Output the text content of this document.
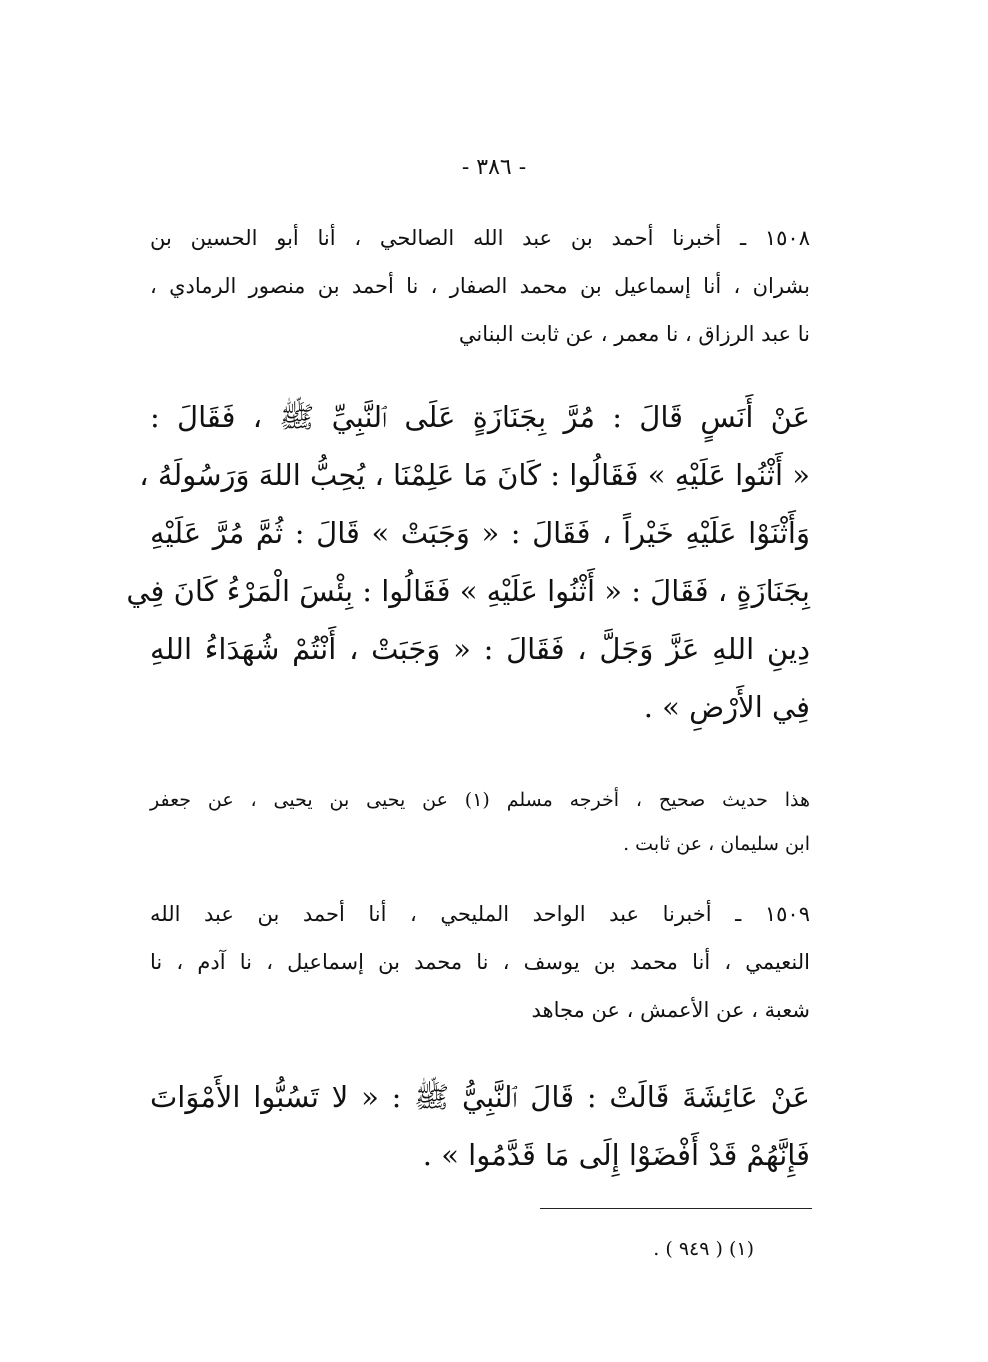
- ٣٨٦ -
١٥٠٨ ـ أخبرنا أحمد بن عبد الله الصالحي ، أنا أبو الحسين بن
بشران ، أنا إسماعيل بن محمد الصفار ، نا أحمد بن منصور الرمادي ،
نا عبد الرزاق ، نا معمر ، عن ثابت البناني
عَنْ أَنَسٍ قَالَ : مُرَّ بِجَنَازَةٍ عَلَى ٱلنَّبِيِّ ﷺ ، فَقَالَ :
« أَثْنُوا عَلَيْهِ » فَقَالُوا : كَانَ مَا عَلِمْنَا ، يُحِبُّ اللهَ وَرَسُولَهُ ،
وَأَثْنَوْا عَلَيْهِ خَيْراً ، فَقَالَ : « وَجَبَتْ » قَالَ : ثُمَّ مُرَّ عَلَيْهِ
بِجَنَازَةٍ ، فَقَالَ : « أَثْنُوا عَلَيْهِ » فَقَالُوا : بِئْسَ الْمَرْءُ كَانَ فِي
دِينِ اللهِ عَزَّ وَجَلَّ ، فَقَالَ : « وَجَبَتْ ، أَنْتُمْ شُهَدَاءُ اللهِ
فِي الأَرْضِ » .
هذا حديث صحيح ، أخرجه مسلم (١) عن يحيى بن يحيى ، عن جعفر
ابن سليمان ، عن ثابت .
١٥٠٩ ـ أخبرنا عبد الواحد المليحي ، أنا أحمد بن عبد الله
النعيمي ، أنا محمد بن يوسف ، نا محمد بن إسماعيل ، نا آدم ، نا
شعبة ، عن الأعمش ، عن مجاهد
عَنْ عَائِشَةَ قَالَتْ : قَالَ ٱلنَّبِيُّ ﷺ : « لا تَسُبُّوا الأَمْوَاتَ
فَإِنَّهُمْ قَدْ أَفْضَوْا إِلَى مَا قَدَّمُوا » .
(١) ( ٩٤٩ ) .
